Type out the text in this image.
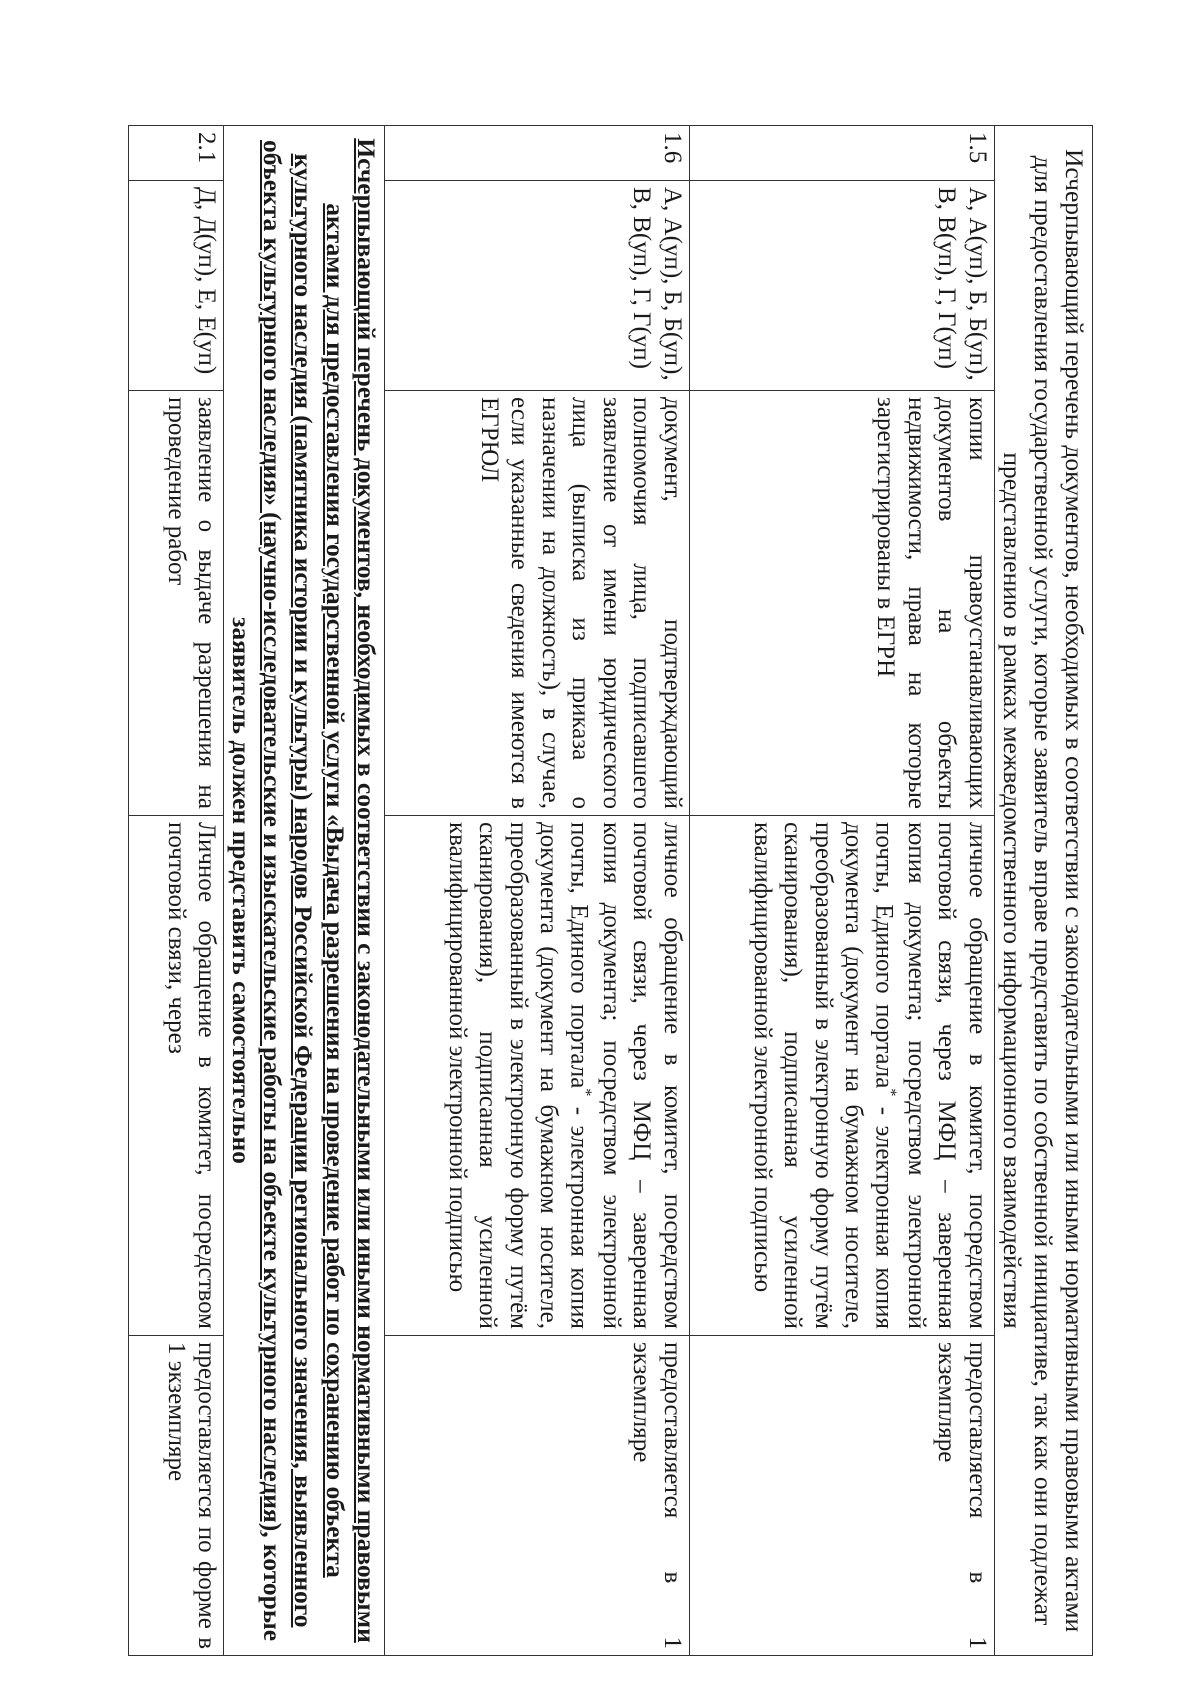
Исчерпывающий перечень документов, необходимых в соответствии с законодательными или иными нормативными правовыми актами для предоставления государственной услуги, которые заявитель вправе представить по собственной инициативе, так как они подлежат представлению в рамках межведомственного информационного взаимодействия				
1.5	А, А(уп), Б, Б(уп), В, В(уп), Г, Г(уп)	копии правоустанавливающих документов на объекты недвижимости, права на которые зарегистрированы в ЕГРН	личное обращение в комитет, посредством почтовой связи, через МФЦ – заверенная копия документа; посредством электронной почты, Единого портала* - электронная копия документа (документ на бумажном носителе, преобразованный в электронную форму путём сканирования), подписанная усиленной квалифицированной электронной подписью	предоставляется в 1 экземпляре
1.6	А, А(уп), Б, Б(уп), В, В(уп), Г, Г(уп)	документ, подтверждающий полномочия лица, подписавшего заявление от имени юридического лица (выписка из приказа о назначении на должность), в случае, если указанные сведения имеются в ЕГРЮЛ	личное обращение в комитет, посредством почтовой связи, через МФЦ – заверенная копия документа; посредством электронной почты, Единого портала* - электронная копия документа (документ на бумажном носителе, преобразованный в электронную форму путём сканирования), подписанная усиленной квалифицированной электронной подписью	предоставляется в 1 экземпляре
Исчерпывающий перечень документов, необходимых в соответствии с законодательными или иными нормативными правовыми актами для предоставления государственной услуги «Выдача разрешения на проведение работ по сохранению объекта культурного наследия (памятника истории и культуры) народов Российской Федерации регионального значения, выявленного объекта культурного наследия» (научно-исследовательские и изыскательские работы на объекте культурного наследия), которые заявитель должен представить самостоятельно				
2.1	Д, Д(уп), Е, Е(уп)	заявление о выдаче разрешения на проведение работ	Личное обращение в комитет, посредством почтовой связи, через	предоставляется по форме в 1 экземпляре
